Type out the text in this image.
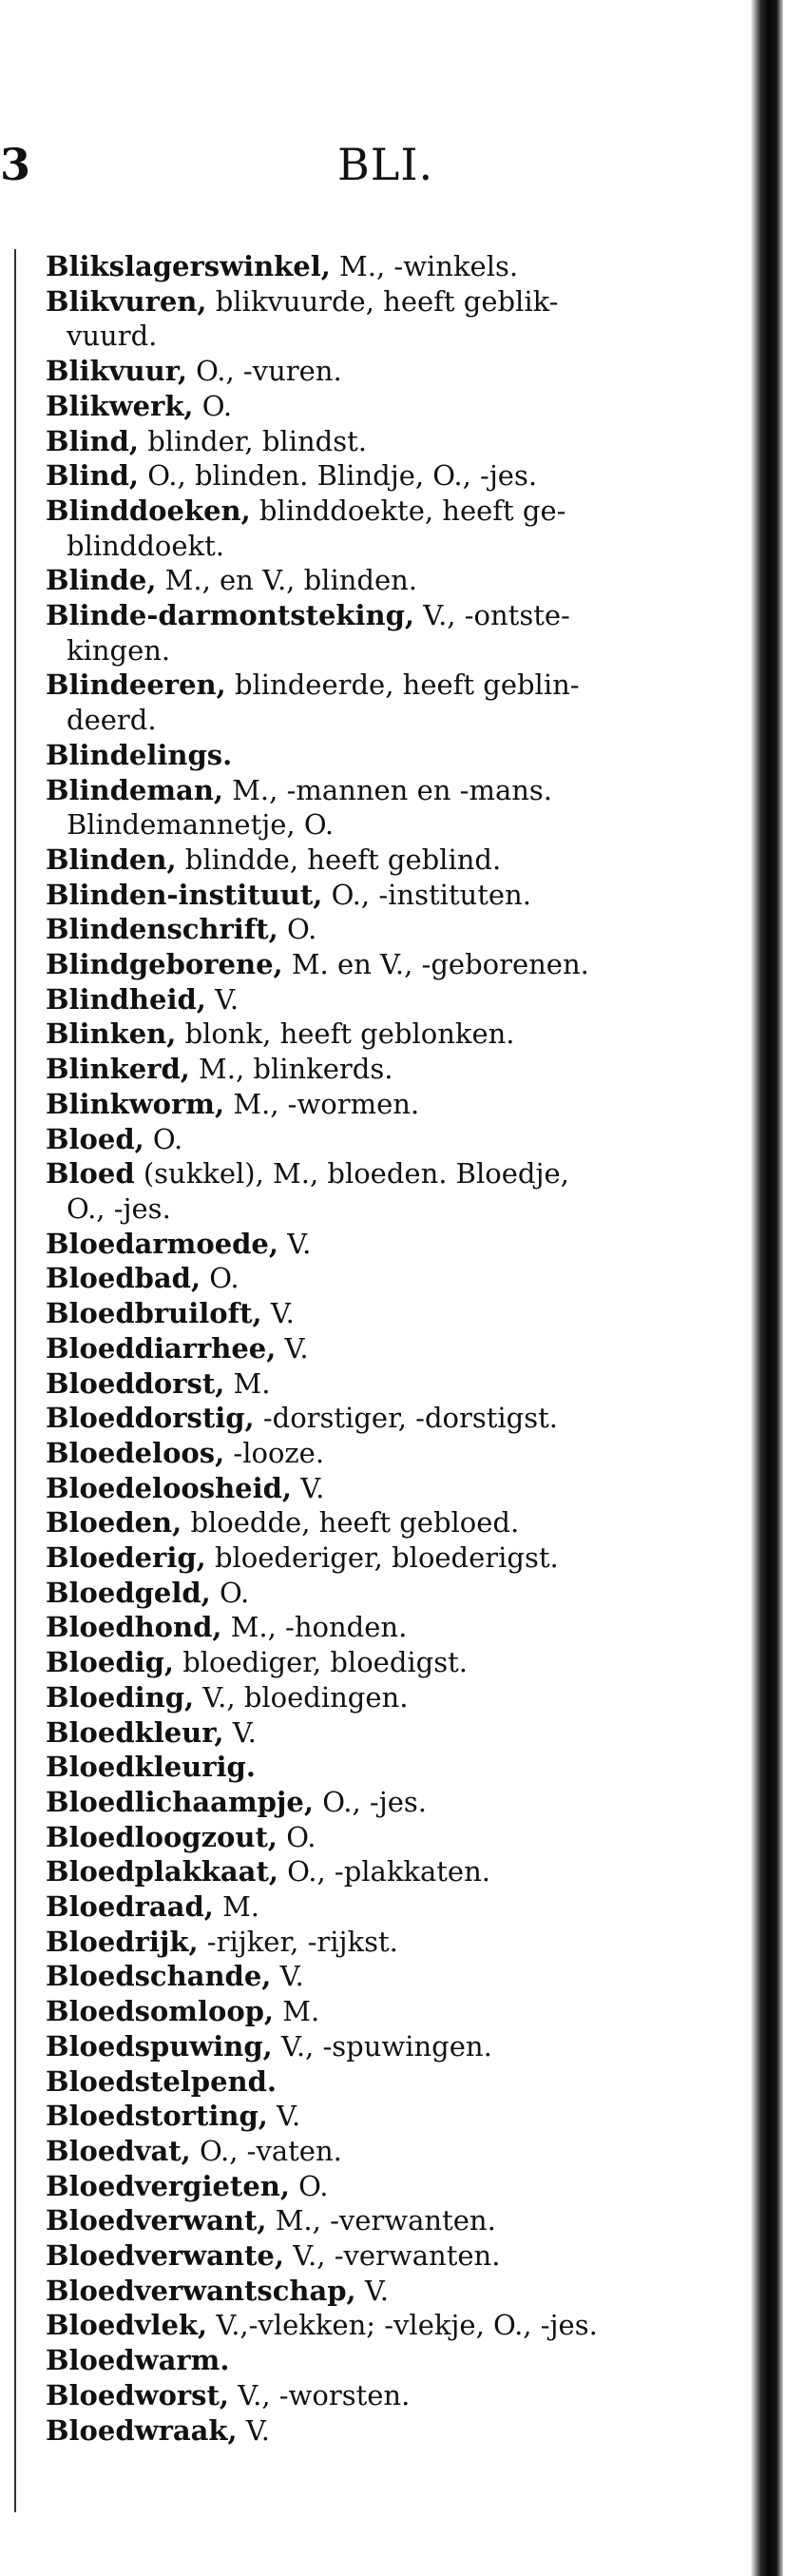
3	BLI.
Blikslagerswinkel, M., -winkels.
Blikvuren, blikvuurde, heeft geblik-
vuurd.
Blikvuur, O., -vuren.
Blikwerk, O.
Blind, blinder, blindst.
Blind, O., blinden. Blindje, O., -jes.
Blinddoeken, blinddoekte, heeft ge-
blinddoekt.
Blinde, M., en V., blinden.
Blinde-darmontsteking, V., -ontste-
kingen.
Blindeeren, blindeerde, heeft geblin-
deerd.
Blindelings.
Blindeman, M., -mannen en -mans.
Blindemannetje, O.
Blinden, blindde, heeft geblind.
Blinden-instituut, O., -instituten.
Blindenschrift, O.
Blindgeborene, M. en V., -geborenen.
Blindheid, V.
Blinken, blonk, heeft geblonken.
Blinkerd, M., blinkerds.
Blinkworm, M., -wormen.
Bloed, O.
Bloed (sukkel), M., bloeden. Bloedje,
O., -jes.
Bloedarmoede, V.
Bloedbad, O.
Bloedbruiloft, V.
Bloeddiarrhee, V.
Bloeddorst, M.
Bloeddorstig, -dorstiger, -dorstigst.
Bloedeloos, -looze.
Bloedeloosheid, V.
Bloeden, bloedde, heeft gebloed.
Bloederig, bloederiger, bloederigst.
Bloedgeld, O.
Bloedhond, M., -honden.
Bloedig, bloediger, bloedigst.
Bloeding, V., bloedingen.
Bloedkleur, V.
Bloedkleurig.
Bloedlichaampje, O., -jes.
Bloedloogzout, O.
Bloedplakkaat, O., -plakkaten.
Bloedraad, M.
Bloedrijk, -rijker, -rijkst.
Bloedschande, V.
Bloedsomloop, M.
Bloedspuwing, V., -spuwingen.
Bloedstelpend.
Bloedstorting, V.
Bloedvat, O., -vaten.
Bloedvergieten, O.
Bloedverwant, M., -verwanten.
Bloedverwante, V., -verwanten.
Bloedverwantschap, V.
Bloedvlek, V.,-vlekken; -vlekje, O., -jes.
Bloedwarm.
Bloedworst, V., -worsten.
Bloedwraak, V.
